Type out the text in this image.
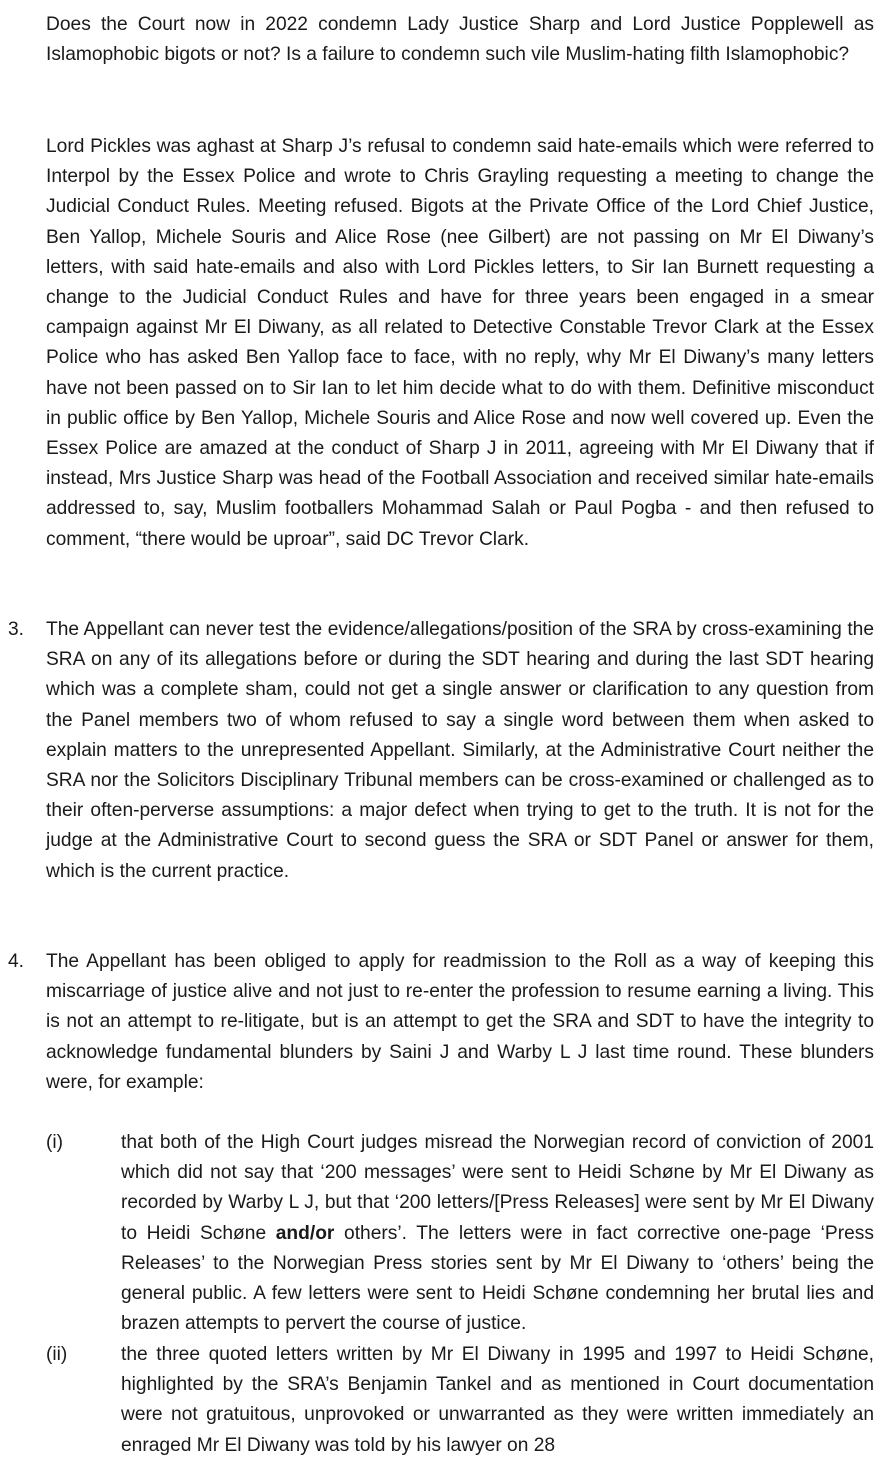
Does the Court now in 2022 condemn Lady Justice Sharp and Lord Justice Popplewell as Islamophobic bigots or not? Is a failure to condemn such vile Muslim-hating filth Islamophobic?

Lord Pickles was aghast at Sharp J’s refusal to condemn said hate-emails which were referred to Interpol by the Essex Police and wrote to Chris Grayling requesting a meeting to change the Judicial Conduct Rules. Meeting refused. Bigots at the Private Office of the Lord Chief Justice, Ben Yallop, Michele Souris and Alice Rose (nee Gilbert) are not passing on Mr El Diwany’s letters, with said hate-emails and also with Lord Pickles letters, to Sir Ian Burnett requesting a change to the Judicial Conduct Rules and have for three years been engaged in a smear campaign against Mr El Diwany, as all related to Detective Constable Trevor Clark at the Essex Police who has asked Ben Yallop face to face, with no reply, why Mr El Diwany’s many letters have not been passed on to Sir Ian to let him decide what to do with them. Definitive misconduct in public office by Ben Yallop, Michele Souris and Alice Rose and now well covered up. Even the Essex Police are amazed at the conduct of Sharp J in 2011, agreeing with Mr El Diwany that if instead, Mrs Justice Sharp was head of the Football Association and received similar hate-emails addressed to, say, Muslim footballers Mohammad Salah or Paul Pogba - and then refused to comment, “there would be uproar”, said DC Trevor Clark.

3. The Appellant can never test the evidence/allegations/position of the SRA by cross-examining the SRA on any of its allegations before or during the SDT hearing and during the last SDT hearing which was a complete sham, could not get a single answer or clarification to any question from the Panel members two of whom refused to say a single word between them when asked to explain matters to the unrepresented Appellant. Similarly, at the Administrative Court neither the SRA nor the Solicitors Disciplinary Tribunal members can be cross-examined or challenged as to their often-perverse assumptions: a major defect when trying to get to the truth. It is not for the judge at the Administrative Court to second guess the SRA or SDT Panel or answer for them, which is the current practice.

4. The Appellant has been obliged to apply for readmission to the Roll as a way of keeping this miscarriage of justice alive and not just to re-enter the profession to resume earning a living. This is not an attempt to re-litigate, but is an attempt to get the SRA and SDT to have the integrity to acknowledge fundamental blunders by Saini J and Warby L J last time round. These blunders were, for example:

(i)	that both of the High Court judges misread the Norwegian record of conviction of 2001 which did not say that ‘200 messages’ were sent to Heidi Schøne by Mr El Diwany as recorded by Warby L J, but that ‘200 letters/[Press Releases] were sent by Mr El Diwany to Heidi Schøne and/or others’. The letters were in fact corrective one-page ‘Press Releases’ to the Norwegian Press stories sent by Mr El Diwany to ‘others’ being the general public. A few letters were sent to Heidi Schøne condemning her brutal lies and brazen attempts to pervert the course of justice.

(ii)	the three quoted letters written by Mr El Diwany in 1995 and 1997 to Heidi Schøne, highlighted by the SRA’s Benjamin Tankel and as mentioned in Court documentation were not gratuitous, unprovoked or unwarranted as they were written immediately an enraged Mr El Diwany was told by his lawyer on 28
